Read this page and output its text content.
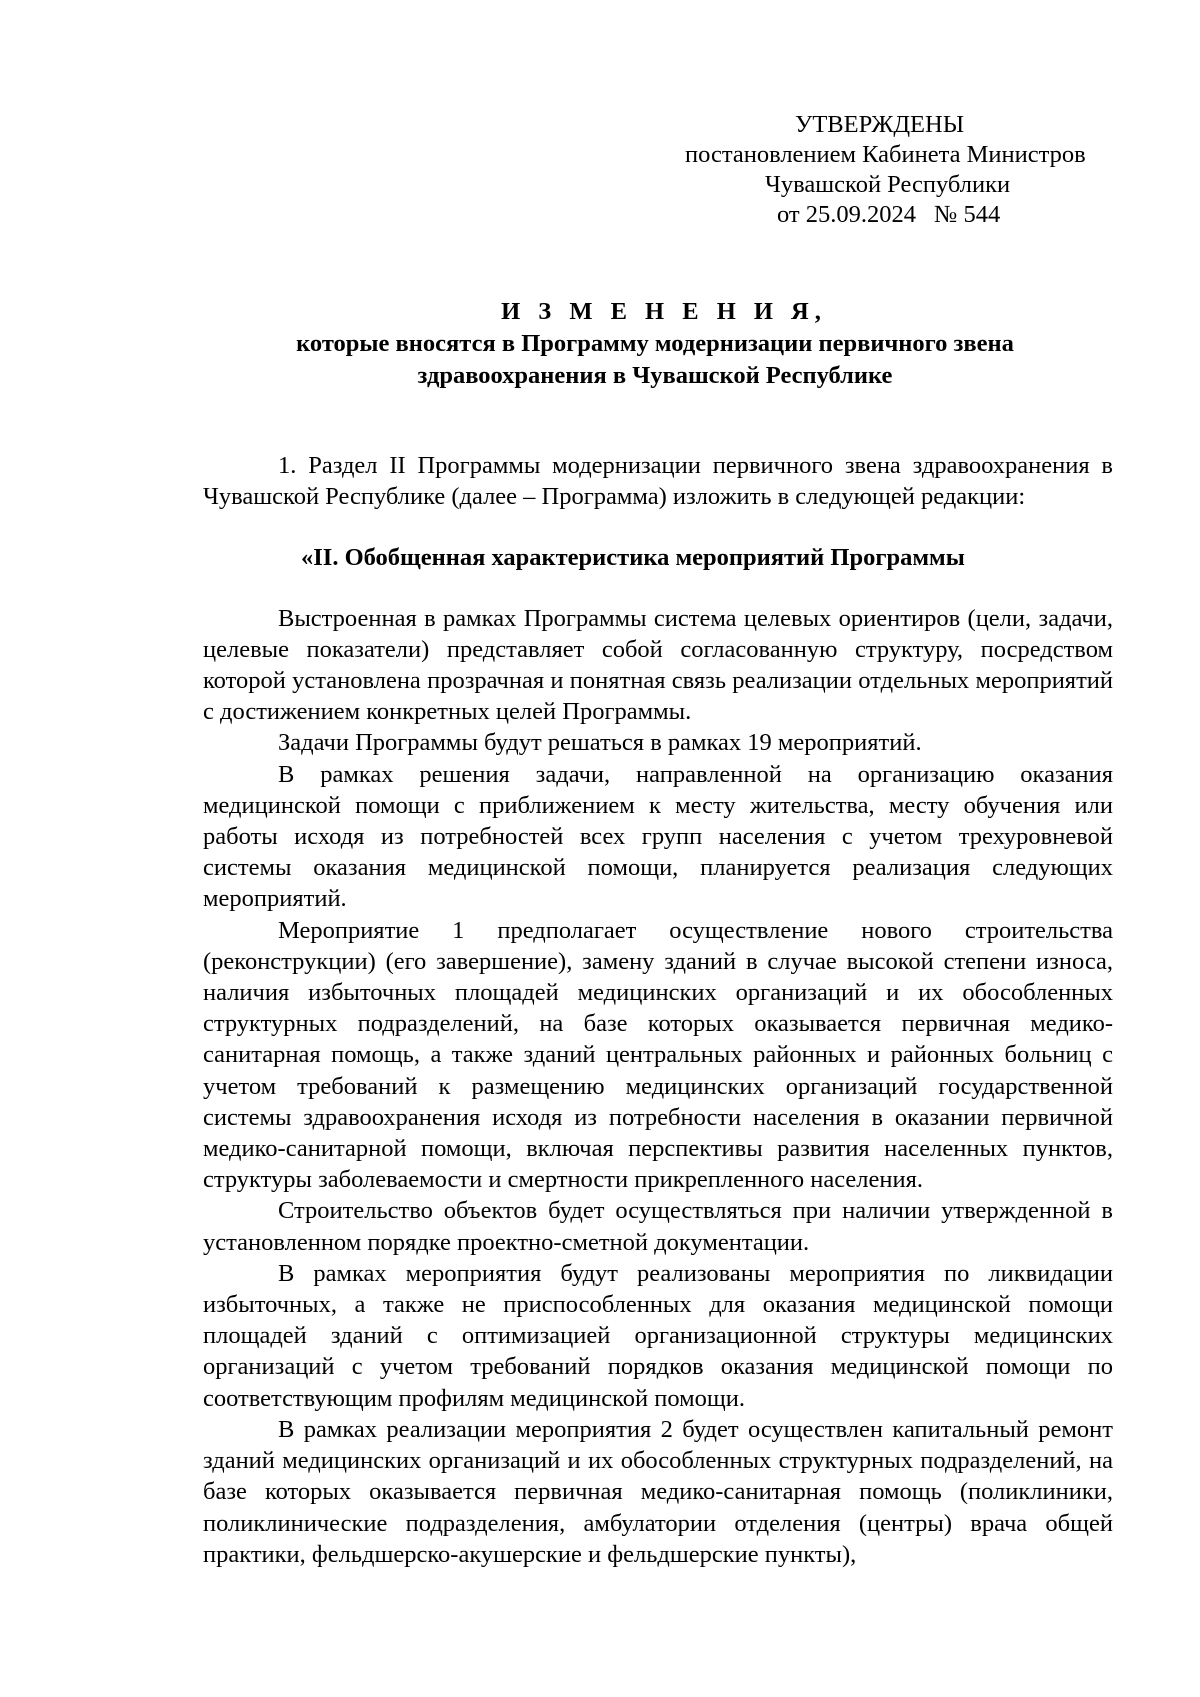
УТВЕРЖДЕНЫ
постановлением Кабинета Министров
Чувашской Республики
от 25.09.2024 № 544
И З М Е Н Е Н И Я,
которые вносятся в Программу модернизации первичного звена
здравоохранения в Чувашской Республике

1. Раздел II Программы модернизации первичного звена здравоохранения в Чувашской Республике (далее – Программа) изложить в следующей редакции:

«II. Обобщенная характеристика мероприятий Программы

Выстроенная в рамках Программы система целевых ориентиров (цели, задачи, целевые показатели) представляет собой согласованную структуру, посредством которой установлена прозрачная и понятная связь реализации отдельных мероприятий с достижением конкретных целей Программы.

Задачи Программы будут решаться в рамках 19 мероприятий.

В рамках решения задачи, направленной на организацию оказания медицинской помощи с приближением к месту жительства, месту обучения или работы исходя из потребностей всех групп населения с учетом трехуровневой системы оказания медицинской помощи, планируется реализация следующих мероприятий.

Мероприятие 1 предполагает осуществление нового строительства (реконструкции) (его завершение), замену зданий в случае высокой степени износа, наличия избыточных площадей медицинских организаций и их обособленных структурных подразделений, на базе которых оказывается первичная медико-санитарная помощь, а также зданий центральных районных и районных больниц с учетом требований к размещению медицинских организаций государственной системы здравоохранения исходя из потребности населения в оказании первичной медико-санитарной помощи, включая перспективы развития населенных пунктов, структуры заболеваемости и смертности прикрепленного населения.

Строительство объектов будет осуществляться при наличии утвержденной в установленном порядке проектно-сметной документации.

В рамках мероприятия будут реализованы мероприятия по ликвидации избыточных, а также не приспособленных для оказания медицинской помощи площадей зданий с оптимизацией организационной структуры медицинских организаций с учетом требований порядков оказания медицинской помощи по соответствующим профилям медицинской помощи.

В рамках реализации мероприятия 2 будет осуществлен капитальный ремонт зданий медицинских организаций и их обособленных структурных подразделений, на базе которых оказывается первичная медико-санитарная помощь (поликлиники, поликлинические подразделения, амбулатории отделения (центры) врача общей практики, фельдшерско-акушерские и фельдшерские пункты),
